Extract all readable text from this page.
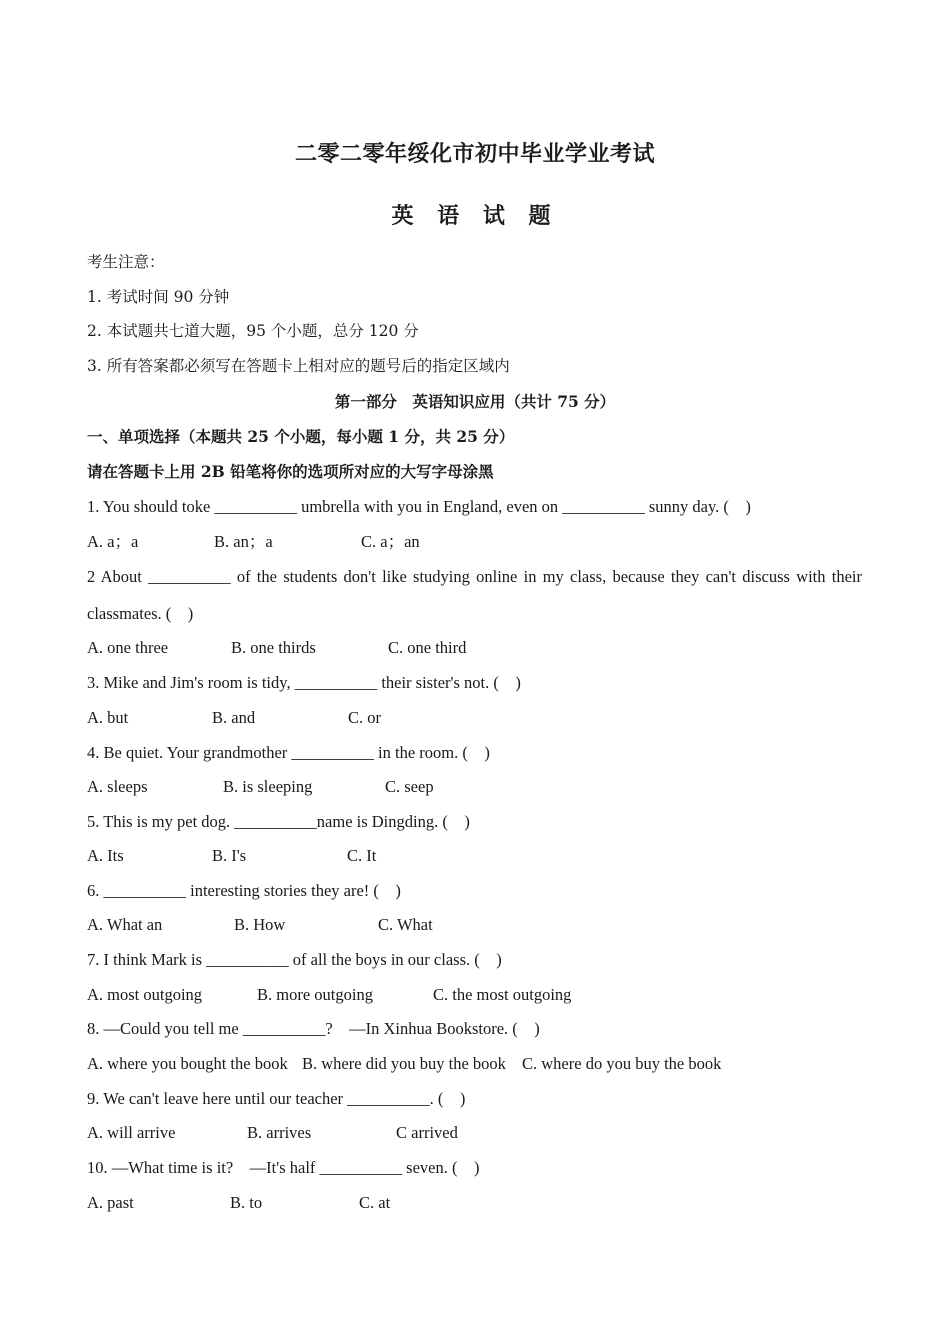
二零二零年绥化市初中毕业学业考试
英 语 试 题
考生注意：
1. 考试时间 90 分钟
2. 本试题共七道大题，95 个小题，总分 120 分
3. 所有答案都必须写在答题卡上相对应的题号后的指定区域内
第一部分　英语知识应用（共计 75 分）
一、单项选择（本题共 25 个小题，每小题 1 分，共 25 分）
请在答题卡上用 2B 铅笔将你的选项所对应的大写字母涂黑
1. You should toke __________ umbrella with you in England, even on __________ sunny day. (　)
A. a；a	B. an；a	C. a；an
2 About __________ of the students don't like studying online in my class, because they can't discuss with their
classmates. (　)
A. one three	B. one thirds	C. one third
3. Mike and Jim's room is tidy, __________ their sister's not. (　)
A. but	B. and	C. or
4. Be quiet. Your grandmother __________ in the room. (　)
A. sleeps	B. is sleeping	C. seep
5. This is my pet dog. __________name is Dingding. (　)
A. Its	B. I's	C. It
6. __________ interesting stories they are! (　)
A. What an	B. How	C. What
7. I think Mark is __________ of all the boys in our class. (　)
A. most outgoing	B. more outgoing	C. the most outgoing
8. —Could you tell me __________?　—In Xinhua Bookstore. (　)
A. where you bought the book B. where did you buy the book C. where do you buy the book
9. We can't leave here until our teacher __________. (　)
A. will arrive	B. arrives	C arrived
10. —What time is it?　—It's half __________ seven. (　)
A. past	B. to	C. at
